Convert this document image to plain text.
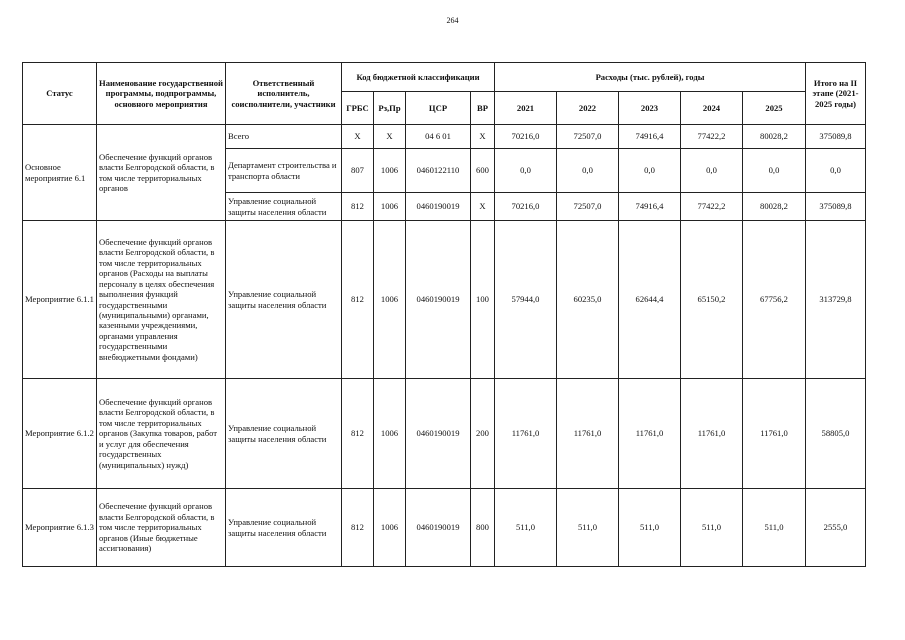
264
Статус	Наименование государственной программы, подпрограммы, основного мероприятия	Ответственный исполнитель, соисполнители, участники	Код бюджетной классификации				Расходы (тыс. рублей), годы					Итого на II этапе (2021-2025 годы)
			ГРБС	Рз,Пр	ЦСР	ВР	2021	2022	2023	2024	2025	
Основное мероприятие 6.1	Обеспечение функций органов власти Белгородской области, в том числе территориальных органов	Всего	Х	Х	04 6 01	Х	70216,0	72507,0	74916,4	77422,2	80028,2	375089,8
		Департамент строительства и транспорта области	807	1006	0460122110	600	0,0	0,0	0,0	0,0	0,0	0,0
		Управление социальной защиты населения области	812	1006	0460190019	Х	70216,0	72507,0	74916,4	77422,2	80028,2	375089,8
Мероприятие 6.1.1	Обеспечение функций органов власти Белгородской области, в том числе территориальных органов (Расходы на выплаты персоналу в целях обеспечения выполнения функций государственными (муниципальными) органами, казенными учреждениями, органами управления государственными внебюджетными фондами)	Управление социальной защиты населения области	812	1006	0460190019	100	57944,0	60235,0	62644,4	65150,2	67756,2	313729,8
Мероприятие 6.1.2	Обеспечение функций органов власти Белгородской области, в том числе территориальных органов (Закупка товаров, работ и услуг для обеспечения государственных (муниципальных) нужд)	Управление социальной защиты населения области	812	1006	0460190019	200	11761,0	11761,0	11761,0	11761,0	11761,0	58805,0
Мероприятие 6.1.3	Обеспечение функций органов власти Белгородской области, в том числе территориальных органов (Иные бюджетные ассигнования)	Управление социальной защиты населения области	812	1006	0460190019	800	511,0	511,0	511,0	511,0	511,0	2555,0
